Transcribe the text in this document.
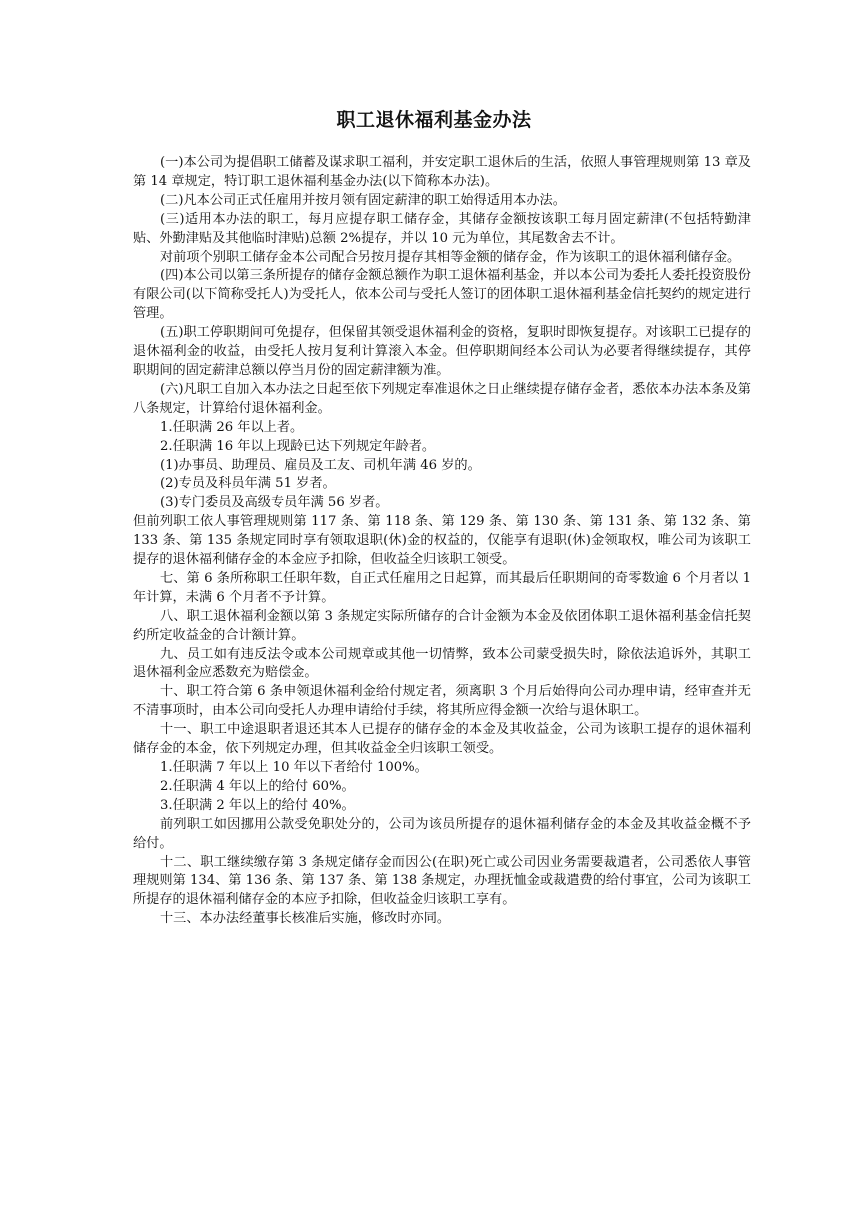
职工退休福利基金办法

(一)本公司为提倡职工储蓄及谋求职工福利，并安定职工退休后的生活，依照人事管理规则第 13 章及第 14 章规定，特订职工退休福利基金办法(以下简称本办法)。

(二)凡本公司正式任雇用并按月领有固定薪津的职工始得适用本办法。

(三)适用本办法的职工，每月应提存职工储存金，其储存金额按该职工每月固定薪津(不包括特勤津贴、外勤津贴及其他临时津贴)总额 2%提存，并以 10 元为单位，其尾数舍去不计。

对前项个别职工储存金本公司配合另按月提存其相等金额的储存金，作为该职工的退休福利储存金。

(四)本公司以第三条所提存的储存金额总额作为职工退休福利基金，并以本公司为委托人委托投资股份有限公司(以下简称受托人)为受托人，依本公司与受托人签订的团体职工退休福利基金信托契约的规定进行管理。

(五)职工停职期间可免提存，但保留其领受退休福利金的资格，复职时即恢复提存。对该职工已提存的退休福利金的收益，由受托人按月复利计算滚入本金。但停职期间经本公司认为必要者得继续提存，其停职期间的固定薪津总额以停当月份的固定薪津额为准。

(六)凡职工自加入本办法之日起至依下列规定奉准退休之日止继续提存储存金者，悉依本办法本条及第八条规定，计算给付退休福利金。

1.任职满 26 年以上者。

2.任职满 16 年以上现龄已达下列规定年龄者。

(1)办事员、助理员、雇员及工友、司机年满 46 岁的。

(2)专员及科员年满 51 岁者。

(3)专门委员及高级专员年满 56 岁者。

但前列职工依人事管理规则第 117 条、第 118 条、第 129 条、第 130 条、第 131 条、第 132 条、第 133 条、第 135 条规定同时享有领取退职(休)金的权益的，仅能享有退职(休)金领取权，唯公司为该职工提存的退休福利储存金的本金应予扣除，但收益全归该职工领受。

七、第 6 条所称职工任职年数，自正式任雇用之日起算，而其最后任职期间的奇零数逾 6 个月者以 1 年计算，未满 6 个月者不予计算。

八、职工退休福利金额以第 3 条规定实际所储存的合计金额为本金及依团体职工退休福利基金信托契约所定收益金的合计额计算。

九、员工如有违反法令或本公司规章或其他一切情弊，致本公司蒙受损失时，除依法追诉外，其职工退休福利金应悉数充为赔偿金。

十、职工符合第 6 条申领退休福利金给付规定者，须离职 3 个月后始得向公司办理申请，经审查并无不清事项时，由本公司向受托人办理申请给付手续，将其所应得金额一次给与退休职工。

十一、职工中途退职者退还其本人已提存的储存金的本金及其收益金，公司为该职工提存的退休福利储存金的本金，依下列规定办理，但其收益金全归该职工领受。

1.任职满 7 年以上 10 年以下者给付 100%。

2.任职满 4 年以上的给付 60%。

3.任职满 2 年以上的给付 40%。

前列职工如因挪用公款受免职处分的，公司为该员所提存的退休福利储存金的本金及其收益金概不予给付。

十二、职工继续缴存第 3 条规定储存金而因公(在职)死亡或公司因业务需要裁遣者，公司悉依人事管理规则第 134、第 136 条、第 137 条、第 138 条规定，办理抚恤金或裁遣费的给付事宜，公司为该职工所提存的退休福利储存金的本应予扣除，但收益金归该职工享有。

十三、本办法经董事长核准后实施，修改时亦同。
